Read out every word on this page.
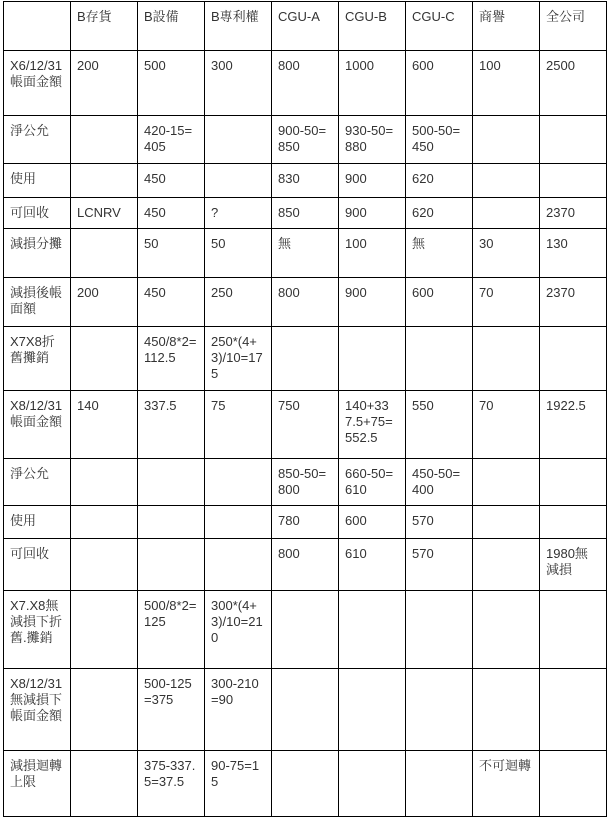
	B存貨	B設備	B專利權	CGU-A	CGU-B	CGU-C	商譽	全公司
X6/12/31帳面金額	200	500	300	800	1000	600	100	2500
淨公允		420-15=405		900-50=850	930-50=880	500-50=450		
使用		450		830	900	620		
可回收	LCNRV	450	?	850	900	620		2370
減損分攤		50	50	無	100	無	30	130
減損後帳面額	200	450	250	800	900	600	70	2370
X7X8折舊攤銷		450/8*2=112.5	250*(4+3)/10=175					
X8/12/31帳面金額	140	337.5	75	750	140+337.5+75=552.5	550	70	1922.5
淨公允				850-50=800	660-50=610	450-50=400		
使用				780	600	570		
可回收				800	610	570		1980無減損
X7.X8無減損下折舊.攤銷		500/8*2=125	300*(4+3)/10=210					
X8/12/31無減損下帳面金額		500-125=375	300-210=90					
減損迴轉上限		375-337.5=37.5	90-75=15				不可迴轉	
